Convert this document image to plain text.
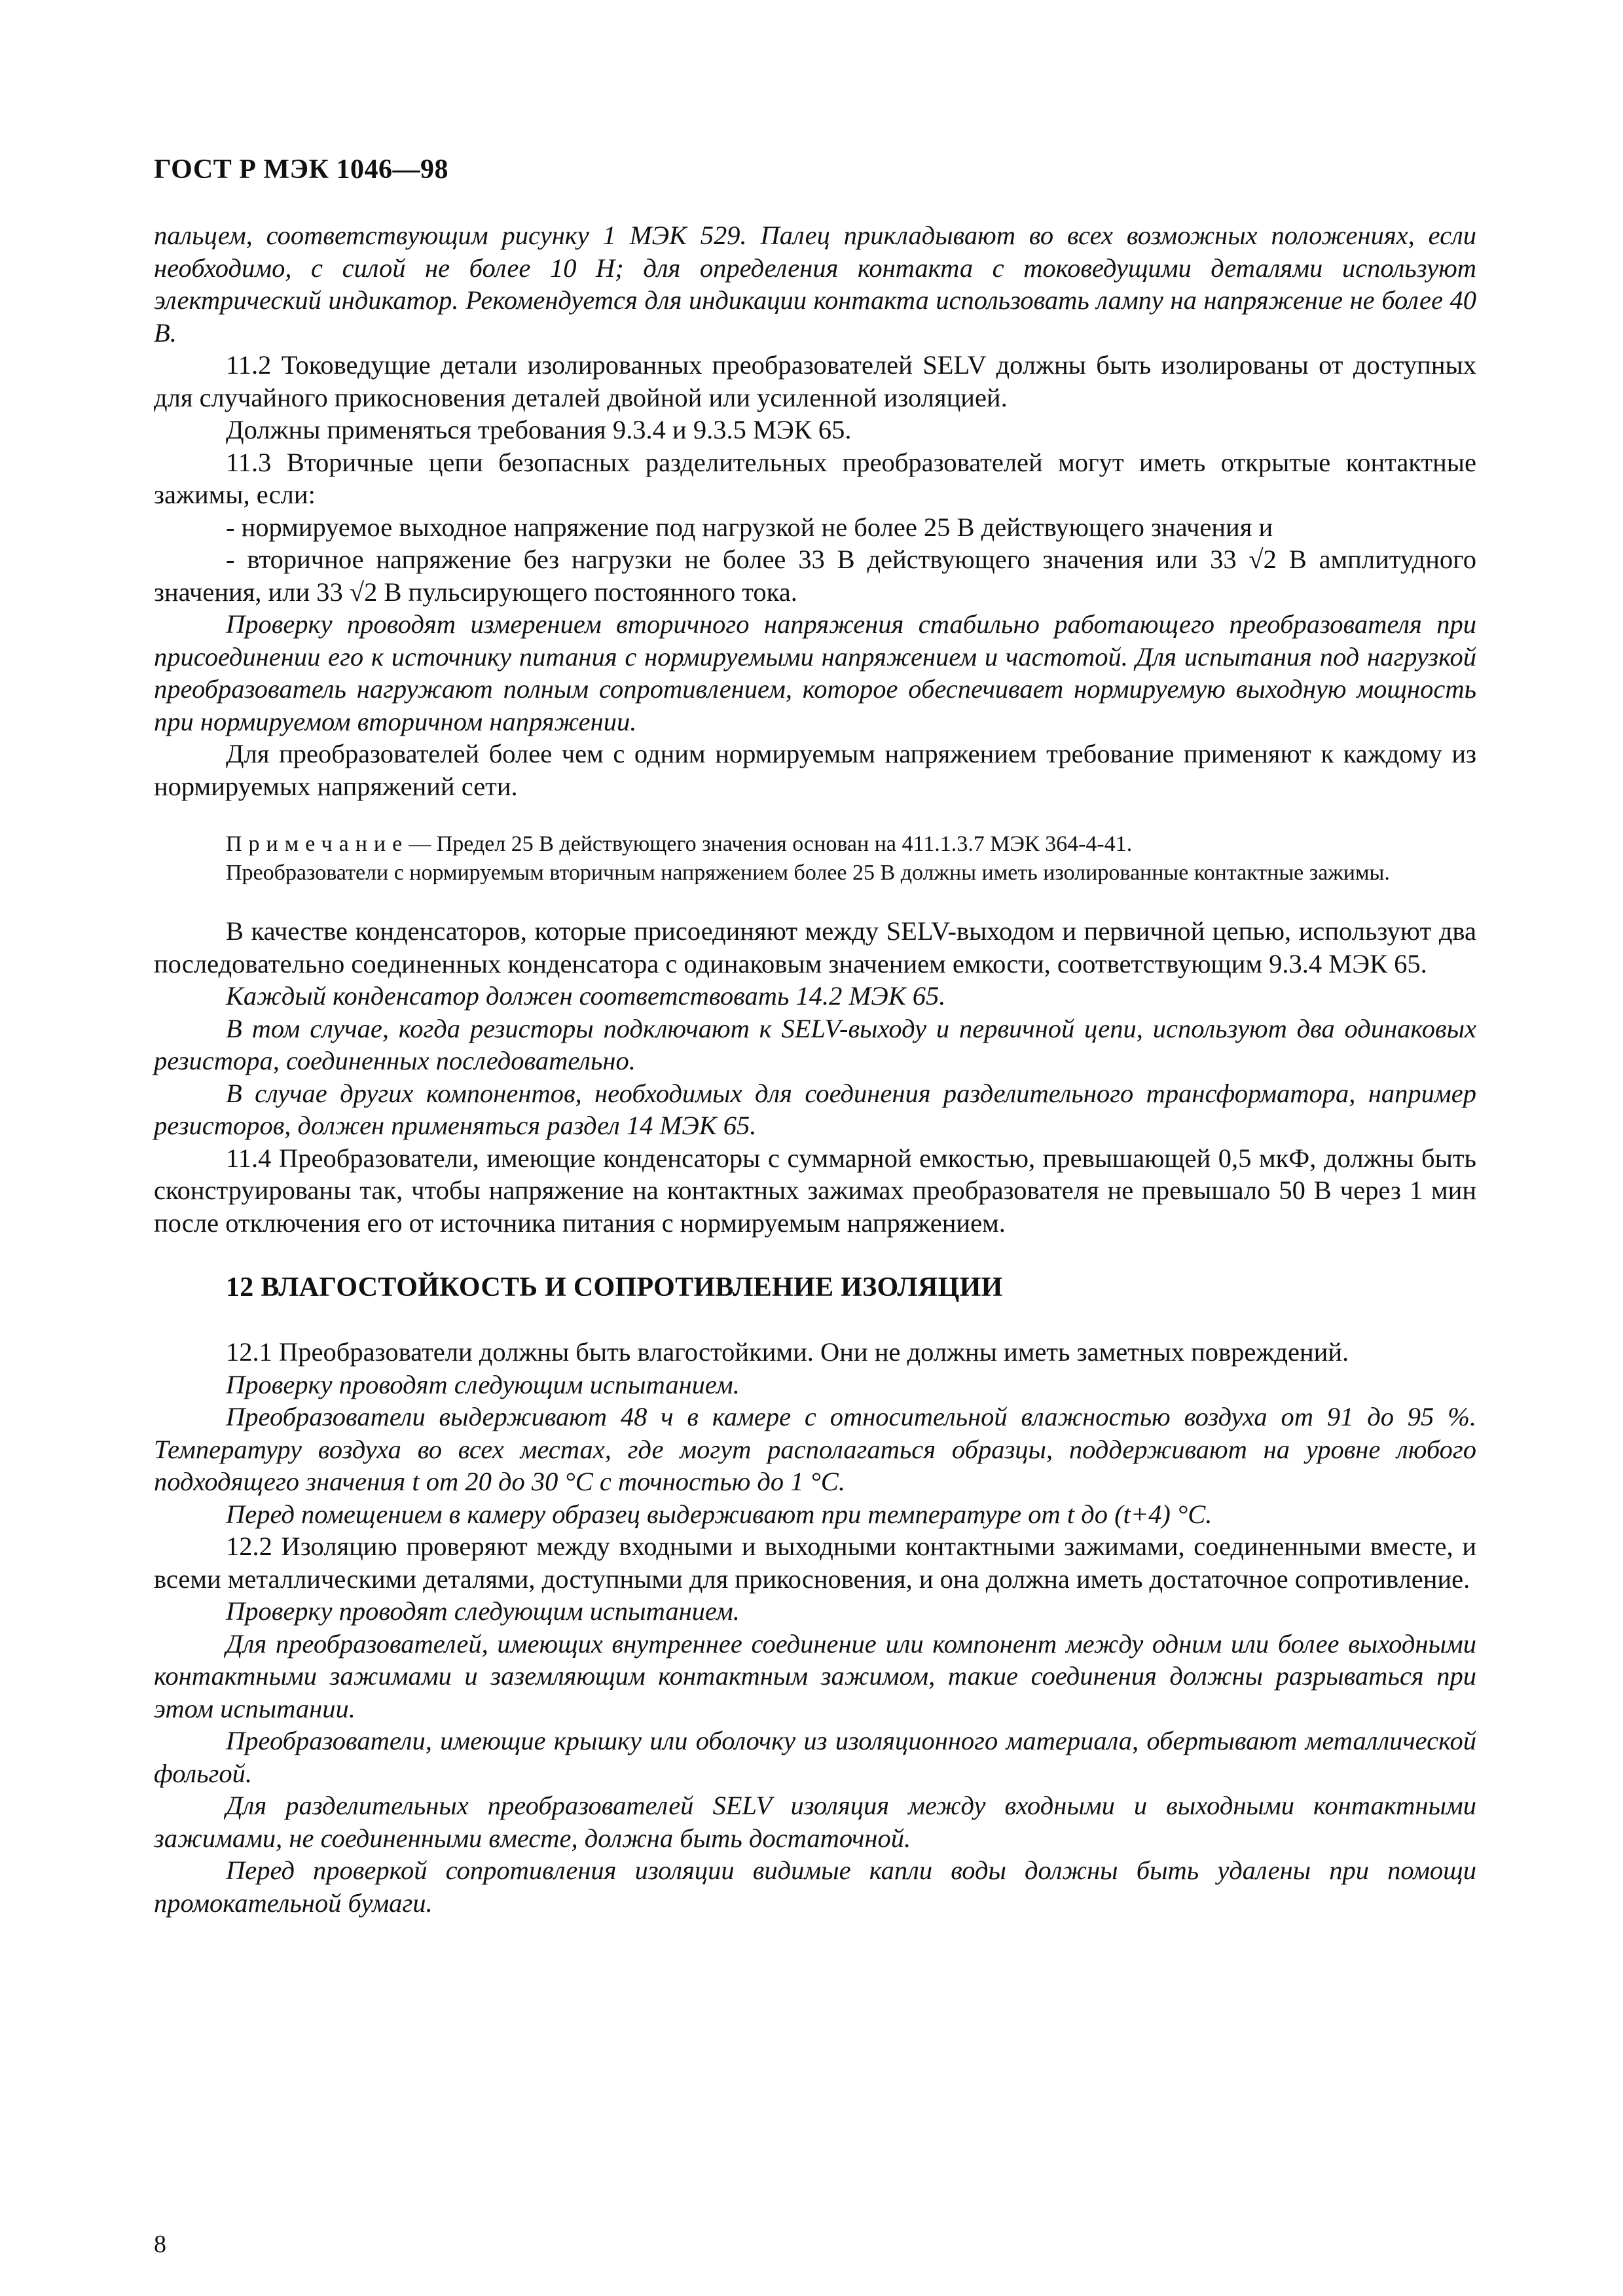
ГОСТ Р МЭК 1046—98

пальцем, соответствующим рисунку 1 МЭК 529. Палец прикладывают во всех возможных положениях, если необходимо, с силой не более 10 Н; для определения контакта с токоведущими деталями используют электрический индикатор. Рекомендуется для индикации контакта использовать лампу на напряжение не более 40 В.

11.2 Токоведущие детали изолированных преобразователей SELV должны быть изолированы от доступных для случайного прикосновения деталей двойной или усиленной изоляцией.

Должны применяться требования 9.3.4 и 9.3.5 МЭК 65.

11.3 Вторичные цепи безопасных разделительных преобразователей могут иметь открытые контактные зажимы, если:

- нормируемое выходное напряжение под нагрузкой не более 25 В действующего значения и

- вторичное напряжение без нагрузки не более 33 В действующего значения или 33 √2 В амплитудного значения, или 33 √2 В пульсирующего постоянного тока.

Проверку проводят измерением вторичного напряжения стабильно работающего преобразователя при присоединении его к источнику питания с нормируемыми напряжением и частотой. Для испытания под нагрузкой преобразователь нагружают полным сопротивлением, которое обеспечивает нормируемую выходную мощность при нормируемом вторичном напряжении.

Для преобразователей более чем с одним нормируемым напряжением требование применяют к каждому из нормируемых напряжений сети.

Примечание— Предел 25 В действующего значения основан на 411.1.3.7 МЭК 364-4-41.

Преобразователи с нормируемым вторичным напряжением более 25 В должны иметь изолированные контактные зажимы.

В качестве конденсаторов, которые присоединяют между SELV-выходом и первичной цепью, используют два последовательно соединенных конденсатора с одинаковым значением емкости, соответствующим 9.3.4 МЭК 65.

Каждый конденсатор должен соответствовать 14.2 МЭК 65.

В том случае, когда резисторы подключают к SELV-выходу и первичной цепи, используют два одинаковых резистора, соединенных последовательно.

В случае других компонентов, необходимых для соединения разделительного трансформатора, например резисторов, должен применяться раздел 14 МЭК 65.

11.4 Преобразователи, имеющие конденсаторы с суммарной емкостью, превышающей 0,5 мкФ, должны быть сконструированы так, чтобы напряжение на контактных зажимах преобразователя не превышало 50 В через 1 мин после отключения его от источника питания с нормируемым напряжением.

12 ВЛАГОСТОЙКОСТЬ И СОПРОТИВЛЕНИЕ ИЗОЛЯЦИИ

12.1 Преобразователи должны быть влагостойкими. Они не должны иметь заметных повреждений.

Проверку проводят следующим испытанием.

Преобразователи выдерживают 48 ч в камере с относительной влажностью воздуха от 91 до 95 %. Температуру воздуха во всех местах, где могут располагаться образцы, поддерживают на уровне любого подходящего значения t от 20 до 30 °С с точностью до 1 °С.

Перед помещением в камеру образец выдерживают при температуре от t до (t+4) °С.

12.2 Изоляцию проверяют между входными и выходными контактными зажимами, соединенными вместе, и всеми металлическими деталями, доступными для прикосновения, и она должна иметь достаточное сопротивление.

Проверку проводят следующим испытанием.

Для преобразователей, имеющих внутреннее соединение или компонент между одним или более выходными контактными зажимами и заземляющим контактным зажимом, такие соединения должны разрываться при этом испытании.

Преобразователи, имеющие крышку или оболочку из изоляционного материала, обертывают металлической фольгой.

Для разделительных преобразователей SELV изоляция между входными и выходными контактными зажимами, не соединенными вместе, должна быть достаточной.

Перед проверкой сопротивления изоляции видимые капли воды должны быть удалены при помощи промокательной бумаги.

8
